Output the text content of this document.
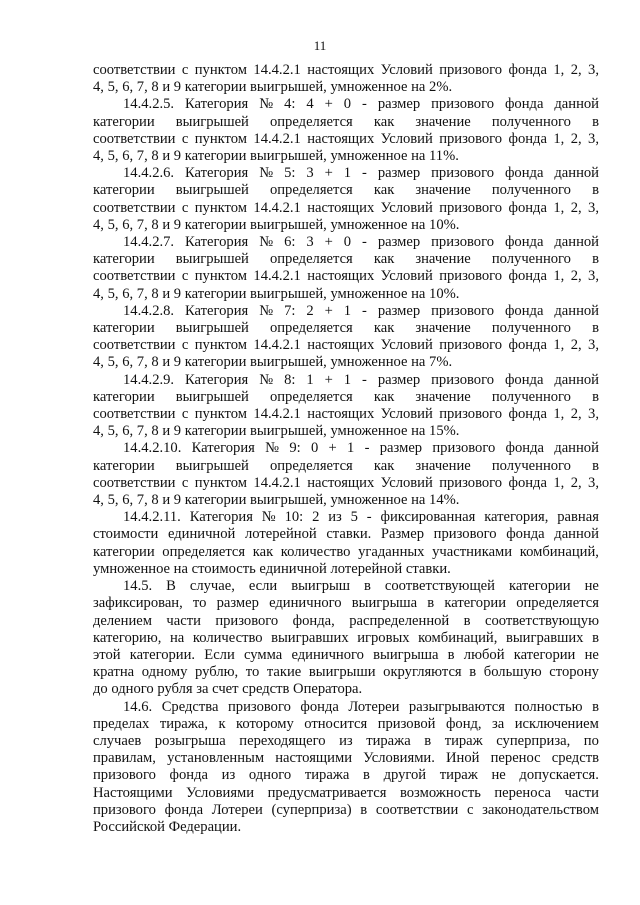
11
соответствии с пунктом 14.4.2.1 настоящих Условий призового фонда 1, 2, 3,
4, 5, 6, 7, 8 и 9 категории выигрышей, умноженное на 2%.
14.4.2.5. Категория № 4: 4 + 0 - размер призового фонда данной
категории выигрышей определяется как значение полученного в
соответствии с пунктом 14.4.2.1 настоящих Условий призового фонда 1, 2, 3,
4, 5, 6, 7, 8 и 9 категории выигрышей, умноженное на 11%.
14.4.2.6. Категория № 5: 3 + 1 - размер призового фонда данной
категории выигрышей определяется как значение полученного в
соответствии с пунктом 14.4.2.1 настоящих Условий призового фонда 1, 2, 3,
4, 5, 6, 7, 8 и 9 категории выигрышей, умноженное на 10%.
14.4.2.7. Категория № 6: 3 + 0 - размер призового фонда данной
категории выигрышей определяется как значение полученного в
соответствии с пунктом 14.4.2.1 настоящих Условий призового фонда 1, 2, 3,
4, 5, 6, 7, 8 и 9 категории выигрышей, умноженное на 10%.
14.4.2.8. Категория № 7: 2 + 1 - размер призового фонда данной
категории выигрышей определяется как значение полученного в
соответствии с пунктом 14.4.2.1 настоящих Условий призового фонда 1, 2, 3,
4, 5, 6, 7, 8 и 9 категории выигрышей, умноженное на 7%.
14.4.2.9. Категория № 8: 1 + 1 - размер призового фонда данной
категории выигрышей определяется как значение полученного в
соответствии с пунктом 14.4.2.1 настоящих Условий призового фонда 1, 2, 3,
4, 5, 6, 7, 8 и 9 категории выигрышей, умноженное на 15%.
14.4.2.10. Категория № 9: 0 + 1 - размер призового фонда данной
категории выигрышей определяется как значение полученного в
соответствии с пунктом 14.4.2.1 настоящих Условий призового фонда 1, 2, 3,
4, 5, 6, 7, 8 и 9 категории выигрышей, умноженное на 14%.
14.4.2.11. Категория № 10: 2 из 5 - фиксированная категория, равная
стоимости единичной лотерейной ставки. Размер призового фонда данной
категории определяется как количество угаданных участниками комбинаций,
умноженное на стоимость единичной лотерейной ставки.
14.5. В случае, если выигрыш в соответствующей категории не
зафиксирован, то размер единичного выигрыша в категории определяется
делением части призового фонда, распределенной в соответствующую
категорию, на количество выигравших игровых комбинаций, выигравших в
этой категории. Если сумма единичного выигрыша в любой категории не
кратна одному рублю, то такие выигрыши округляются в большую сторону
до одного рубля за счет средств Оператора.
14.6. Средства призового фонда Лотереи разыгрываются полностью в
пределах тиража, к которому относится призовой фонд, за исключением
случаев розыгрыша переходящего из тиража в тираж суперприза, по
правилам, установленным настоящими Условиями. Иной перенос средств
призового фонда из одного тиража в другой тираж не допускается.
Настоящими Условиями предусматривается возможность переноса части
призового фонда Лотереи (суперприза) в соответствии с законодательством
Российской Федерации.
